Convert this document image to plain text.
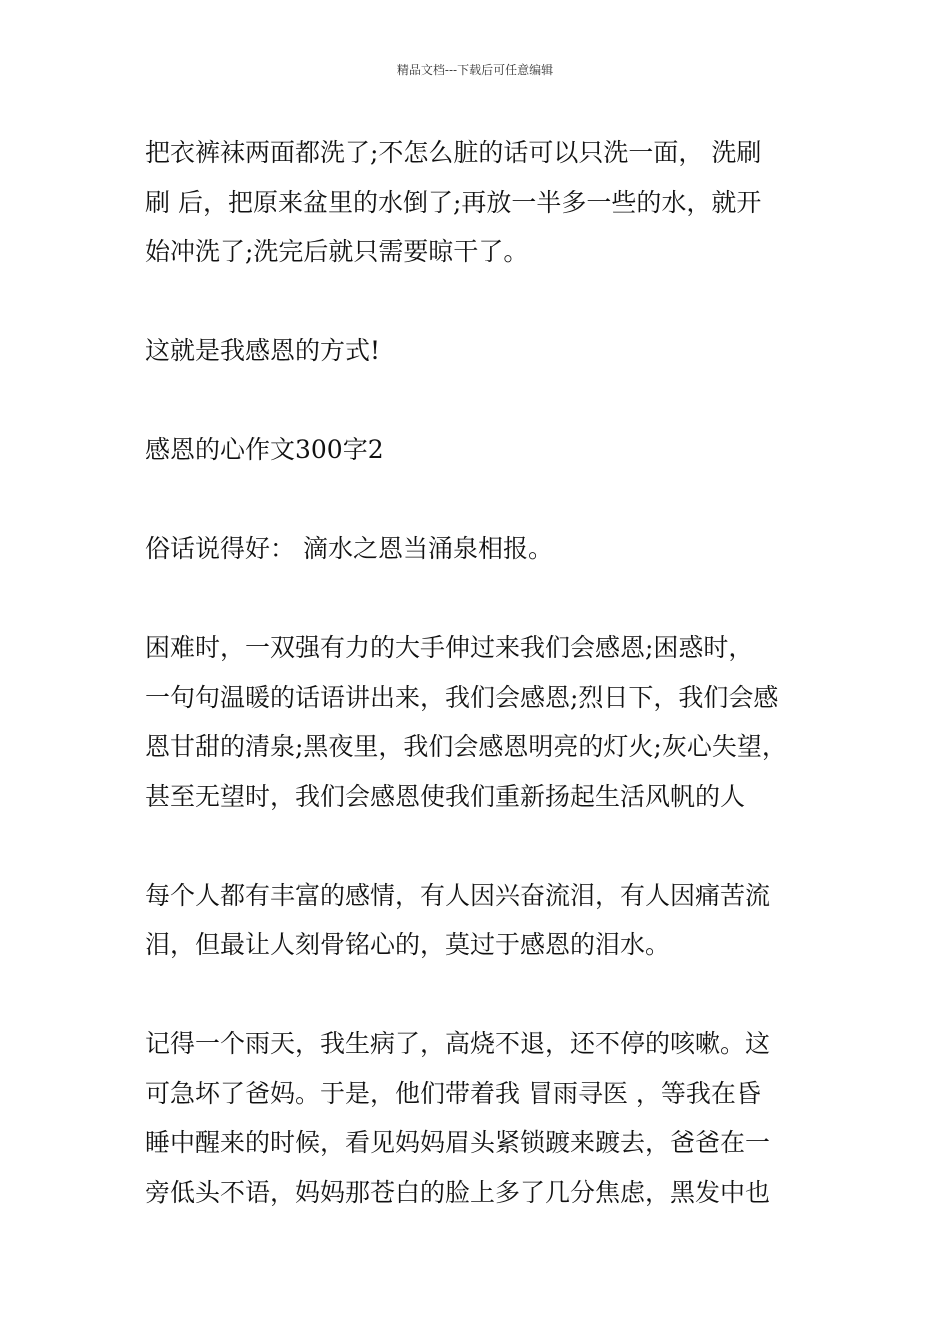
精品文档---下载后可任意编辑
把衣裤袜两面都洗了;不怎么脏的话可以只洗一面， 洗刷
刷 后，把原来盆里的水倒了;再放一半多一些的水，就开
始冲洗了;洗完后就只需要晾干了。
这就是我感恩的方式!
感恩的心作文300字2
俗话说得好： 滴水之恩当涌泉相报。
困难时，一双强有力的大手伸过来我们会感恩;困惑时，
一句句温暖的话语讲出来，我们会感恩;烈日下，我们会感
恩甘甜的清泉;黑夜里，我们会感恩明亮的灯火;灰心失望，
甚至无望时，我们会感恩使我们重新扬起生活风帆的人
每个人都有丰富的感情，有人因兴奋流泪，有人因痛苦流
泪，但最让人刻骨铭心的，莫过于感恩的泪水。
记得一个雨天，我生病了，高烧不退，还不停的咳嗽。这
可急坏了爸妈。于是，他们带着我 冒雨寻医 ，等我在昏
睡中醒来的时候，看见妈妈眉头紧锁踱来踱去，爸爸在一
旁低头不语，妈妈那苍白的脸上多了几分焦虑，黑发中也
